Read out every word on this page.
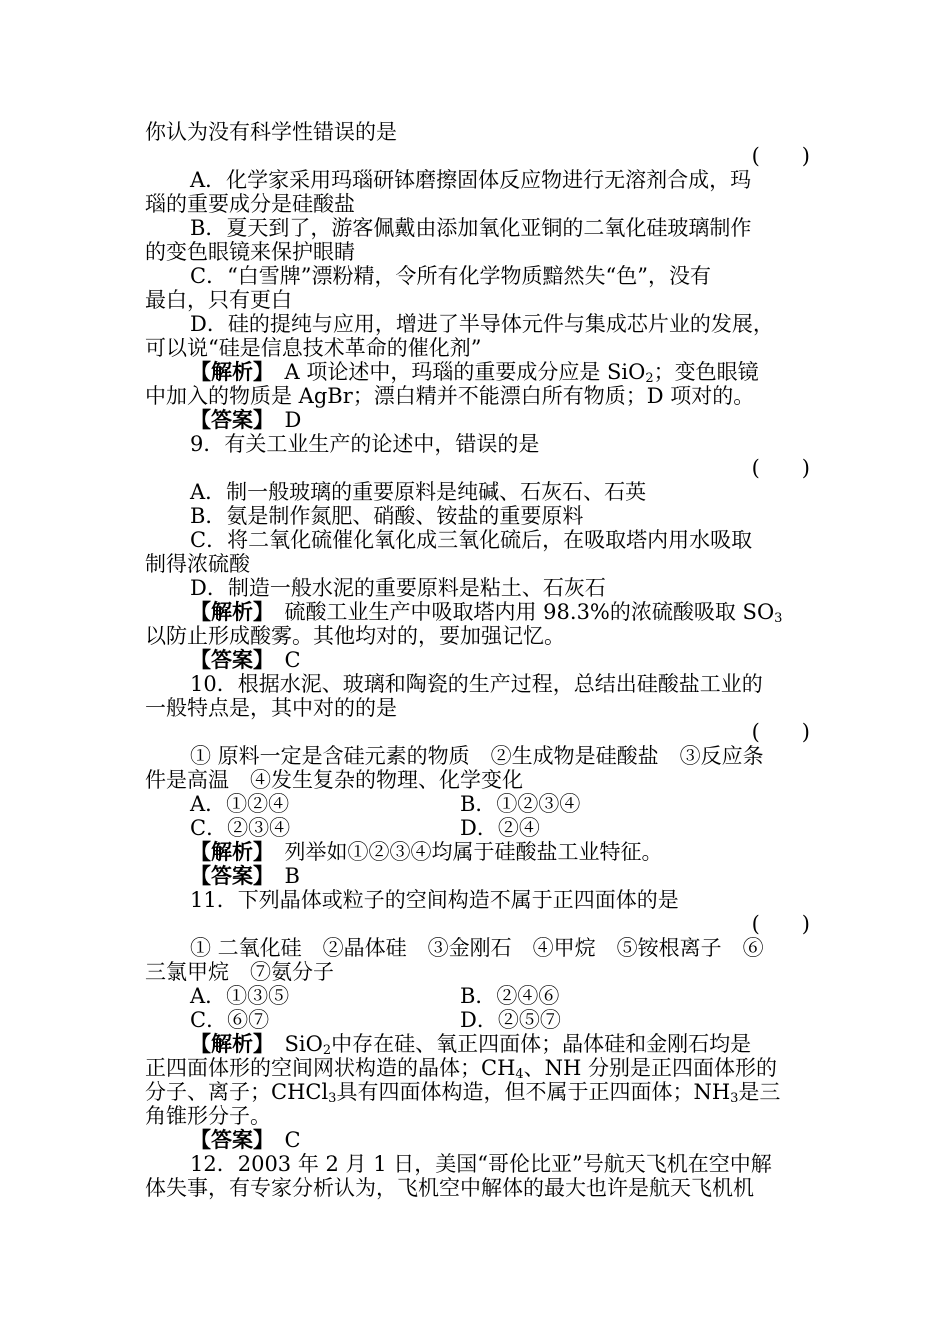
你认为没有科学性错误的是
(　　)
A．化学家采用玛瑙研钵磨擦固体反应物进行无溶剂合成，玛
瑙的重要成分是硅酸盐
B．夏天到了，游客佩戴由添加氧化亚铜的二氧化硅玻璃制作
的变色眼镜来保护眼睛
C．“白雪牌”漂粉精，令所有化学物质黯然失“色”，没有
最白，只有更白
D．硅的提纯与应用，增进了半导体元件与集成芯片业的发展，
可以说“硅是信息技术革命的催化剂”
【解析】　A 项论述中，玛瑙的重要成分应是 SiO$_2$；变色眼镜
中加入的物质是 AgBr；漂白精并不能漂白所有物质；D 项对的。
【答案】　D
9．有关工业生产的论述中，错误的是
(　　)
A．制一般玻璃的重要原料是纯碱、石灰石、石英
B．氨是制作氮肥、硝酸、铵盐的重要原料
C．将二氧化硫催化氧化成三氧化硫后，在吸取塔内用水吸取
制得浓硫酸
D．制造一般水泥的重要原料是粘土、石灰石
【解析】　硫酸工业生产中吸取塔内用 98.3%的浓硫酸吸取 $SO_3$
以防止形成酸雾。其他均对的，要加强记忆。
【答案】　C
10．根据水泥、玻璃和陶瓷的生产过程，总结出硅酸盐工业的
一般特点是，其中对的的是
(　　)
① 原料一定是含硅元素的物质　②生成物是硅酸盐　③反应条
件是高温　④发生复杂的物理、化学变化
A．①②④	B．①②③④
C．②③④	D．②④
【解析】　列举如①②③④均属于硅酸盐工业特征。
【答案】　B
11．下列晶体或粒子的空间构造不属于正四面体的是
(　　)
① 二氧化硅　②晶体硅　③金刚石　④甲烷　⑤铵根离子　⑥
三氯甲烷　⑦氨分子
A．①③⑤	B．②④⑥
C．⑥⑦	D．②⑤⑦
【解析】　SiO$_2$中存在硅、氧正四面体；晶体硅和金刚石均是
正四面体形的空间网状构造的晶体；$CH_4$、NH 分别是正四面体形的
分子、离子；CHCl$_3$具有四面体构造，但不属于正四面体；$NH_3$是三
角锥形分子。
【答案】　C
12．2003 年 2 月 1 日，美国“哥伦比亚”号航天飞机在空中解
体失事，有专家分析认为，飞机空中解体的最大也许是航天飞机机
